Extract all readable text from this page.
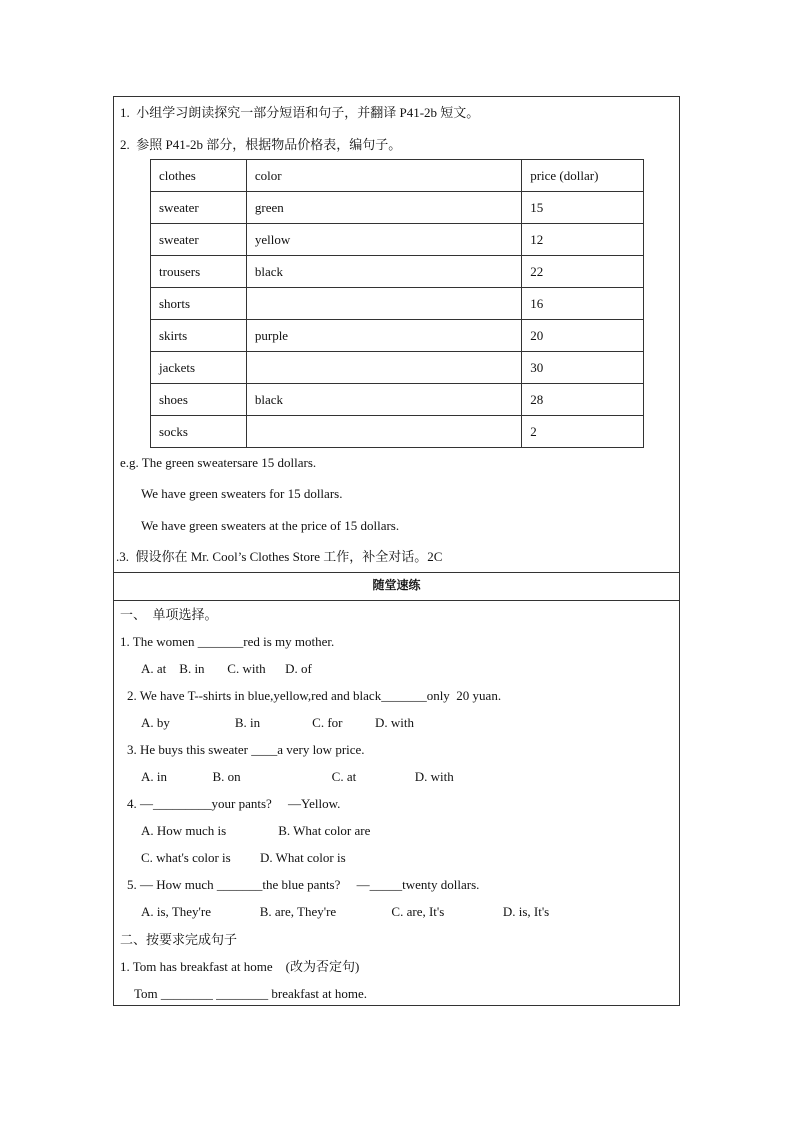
1.  小组学习朗读探究一部分短语和句子，并翻译 P41-2b 短文。
2.  参照 P41-2b 部分，根据物品价格表，编句子。
clothes	color	price (dollar)
sweater	green	15
sweater	yellow	12
trousers	black	22
shorts		16
skirts	purple	20
jackets		30
shoes	black	28
socks		2
e.g. The green sweatersare 15 dollars.
We have green sweaters for 15 dollars.
We have green sweaters at the price of 15 dollars.
.3.  假设你在 Mr. Cool’s Clothes Store 工作，补全对话。2C
随堂速练
一、  单项选择。
1. The women _______red is my mother.
A. at    B. in       C. with      D. of
2. We have T--shirts in blue,yellow,red and black_______only  20 yuan.
A. by                    B. in                C. for          D. with
3. He buys this sweater ____a very low price.
A. in              B. on                            C. at                  D. with
4. —_________your pants?     —Yellow.
A. How much is                B. What color are
C. what's color is         D. What color is
5. — How much _______the blue pants?     —_____twenty dollars.
A. is, They're               B. are, They're                 C. are, It's                  D. is, It's
二、按要求完成句子
1. Tom has breakfast at home    (改为否定句)
Tom ________ ________ breakfast at home.
